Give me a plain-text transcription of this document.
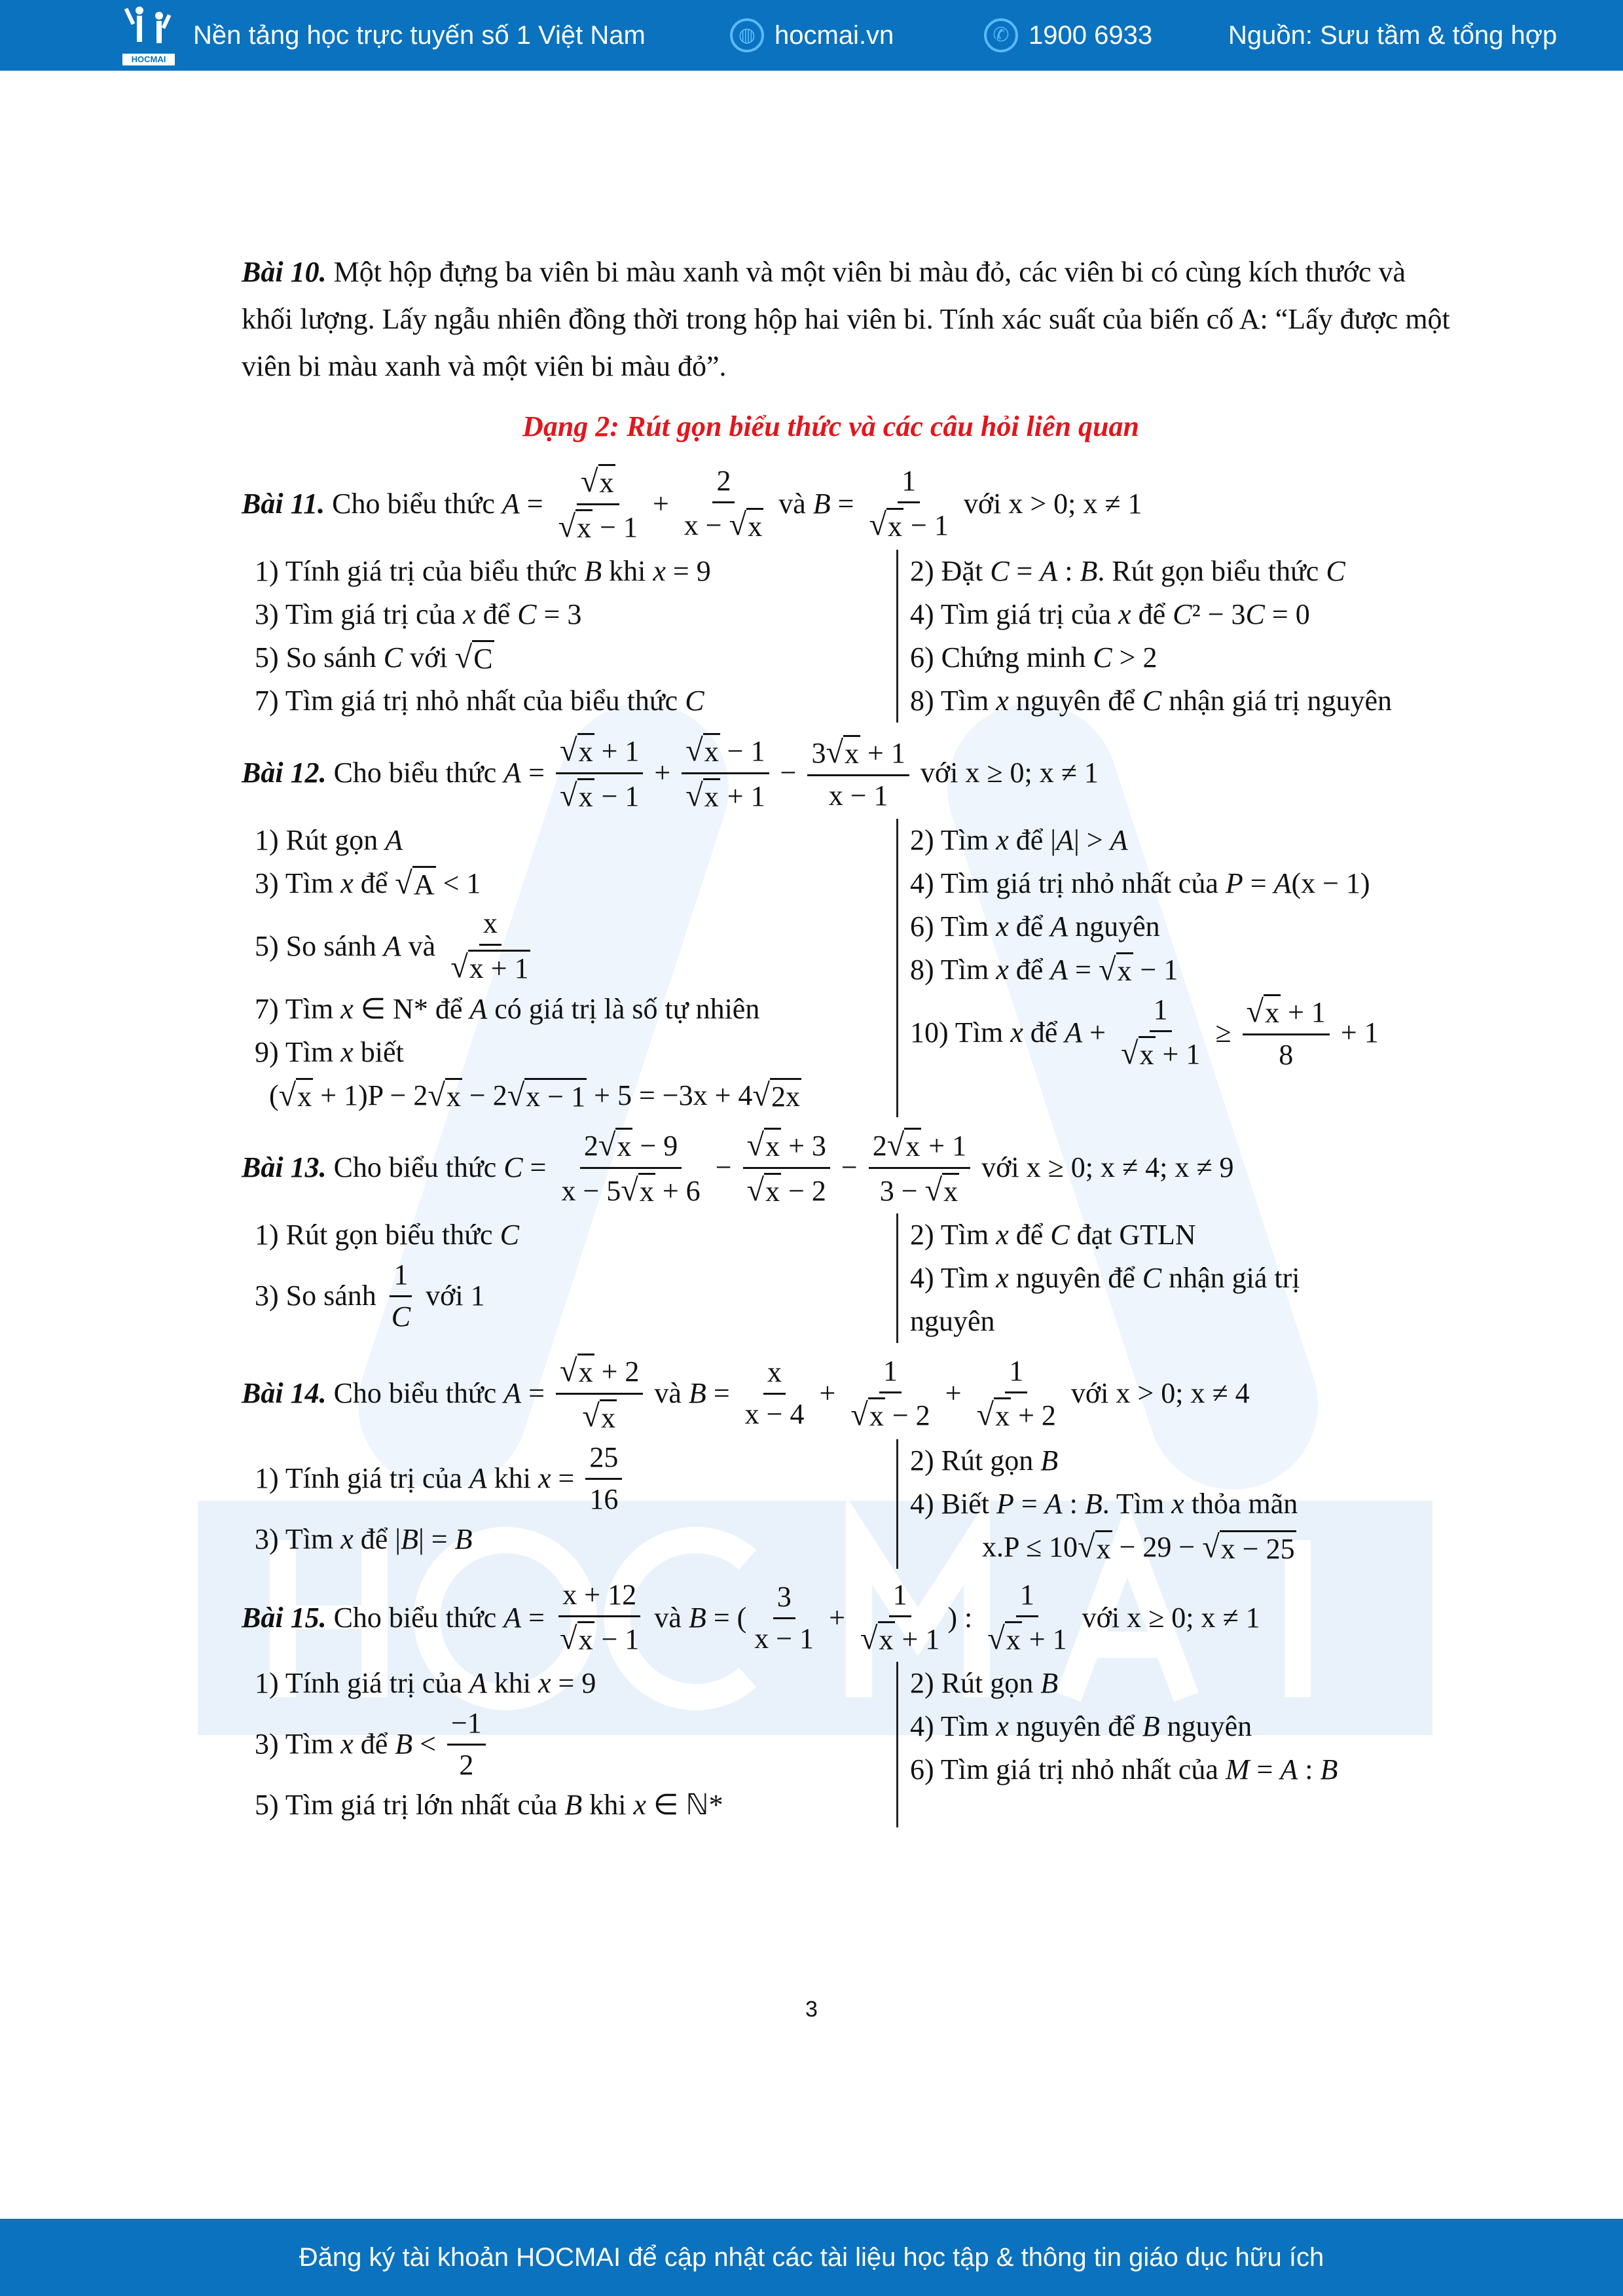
HOCMAI
Nền tảng học trực tuyến số 1 Việt Nam	◍ hocmai.vn	✆ 1900 6933	Nguồn: Sưu tầm & tổng hợp
Bài 10. Một hộp đựng ba viên bi màu xanh và một viên bi màu đỏ, các viên bi có cùng kích thước và khối lượng. Lấy ngẫu nhiên đồng thời trong hộp hai viên bi. Tính xác suất của biến cố A: “Lấy được một viên bi màu xanh và một viên bi màu đỏ”.
Dạng 2: Rút gọn biểu thức và các câu hỏi liên quan
Bài 11. Cho biểu thức $A = \frac{√ x}{√ x - 1} + \frac{2}{x - √ x}$ và $B = \frac{1}{√ x - 1}$ với x > 0; x ≠ 1
1) Tính giá trị của biểu thức B khi x = 9
3) Tìm giá trị của x để C = 3
5) So sánh C với √ C
7) Tìm giá trị nhỏ nhất của biểu thức C
2) Đặt C = A : B . Rút gọn biểu thức C
4) Tìm giá trị của x để C ² − 3 C = 0
6) Chứng minh C > 2
8) Tìm x nguyên để C nhận giá trị nguyên
Bài 12. Cho biểu thức $A = \frac{√ x + 1}{√ x - 1} + \frac{√ x - 1}{√ x + 1} - \frac{3 √ x + 1}{x - 1}$ với x ≥ 0; x ≠ 1
1) Rút gọn A
3) Tìm x để √ A < 1
5) So sánh A và $\frac{x}{√ x + 1}$
7) Tìm x ∈ N* để A có giá trị là số tự nhiên
9) Tìm x biết
( √ x + 1)P − 2 √ x − 2 √ x − 1 + 5 = −3x + 4 √ 2x
2) Tìm x để | A | > A
4) Tìm giá trị nhỏ nhất của P = A (x − 1)
6) Tìm x để A nguyên
8) Tìm x để A = √ x − 1
10) Tìm x để $A + \frac{1}{√ x + 1} \ge \frac{√ x + 1}{8} + 1$
Bài 13. Cho biểu thức $C = \frac{2 √ x - 9}{x - 5 √ x + 6} - \frac{√ x + 3}{√ x - 2} - \frac{2 √ x + 1}{3 - √ x}$ với x ≥ 0; x ≠ 4; x ≠ 9
1) Rút gọn biểu thức C
3) So sánh $\frac{1}{C}$ với 1
2) Tìm x để C đạt GTLN
4) Tìm x nguyên để C nhận giá trị
nguyên
Bài 14. Cho biểu thức $A = \frac{√ x + 2}{√ x}$ và $B = \frac{x}{x - 4} + \frac{1}{√ x - 2} + \frac{1}{√ x + 2}$ với x > 0; x ≠ 4
1) Tính giá trị của A khi $x = \frac{25}{16}$
3) Tìm x để | B | = B
2) Rút gọn B
4) Biết P = A : B . Tìm x thỏa mãn
x.P ≤ 10 √ x − 29 − √ x − 25
Bài 15. Cho biểu thức $A = \frac{x + 12}{√ x - 1}$ và B = ( $\frac{3}{x - 1} + \frac{1}{√ x + 1}$ ) : $\frac{1}{√ x + 1}$ với x ≥ 0; x ≠ 1
1) Tính giá trị của A khi x = 9
3) Tìm x để $B < \frac{-1}{2}$
5) Tìm giá trị lớn nhất của B khi x ∈ ℕ*
2) Rút gọn B
4) Tìm x nguyên để B nguyên
6) Tìm giá trị nhỏ nhất của M = A : B
3
Đăng ký tài khoản HOCMAI để cập nhật các tài liệu học tập & thông tin giáo dục hữu ích
